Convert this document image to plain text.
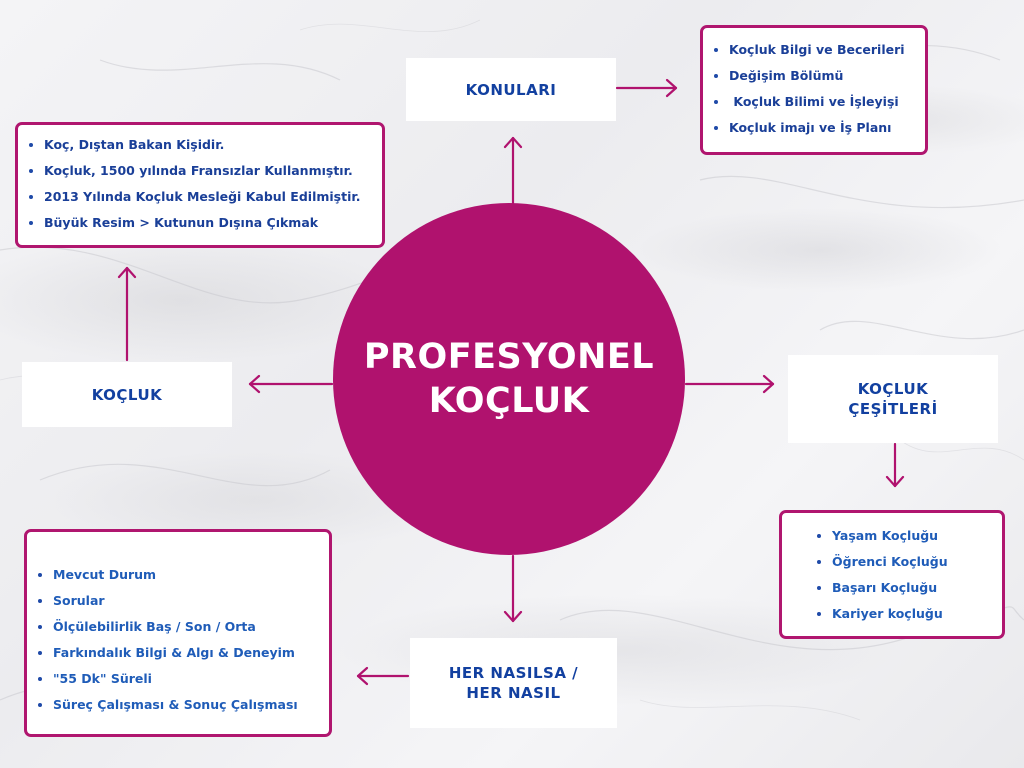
PROFESYONEL KOÇLUK
KONULARI
KOÇLUK	KOÇLUK ÇEŞİTLERİ
HER NASILSA / HER NASIL
Koçluk Bilgi ve Becerileri
Değişim Bölümü
Koçluk Bilimi ve İşleyişi
Koçluk imajı ve İş Planı
Koç, Dıştan Bakan Kişidir.
Koçluk, 1500 yılında Fransızlar Kullanmıştır.
2013 Yılında Koçluk Mesleği Kabul Edilmiştir.
Büyük Resim > Kutunun Dışına Çıkmak
Yaşam Koçluğu
Öğrenci Koçluğu
Başarı Koçluğu
Kariyer koçluğu
Mevcut Durum
Sorular
Ölçülebilirlik Baş / Son / Orta
Farkındalık Bilgi & Algı & Deneyim
"55 Dk" Süreli
Süreç Çalışması & Sonuç Çalışması
